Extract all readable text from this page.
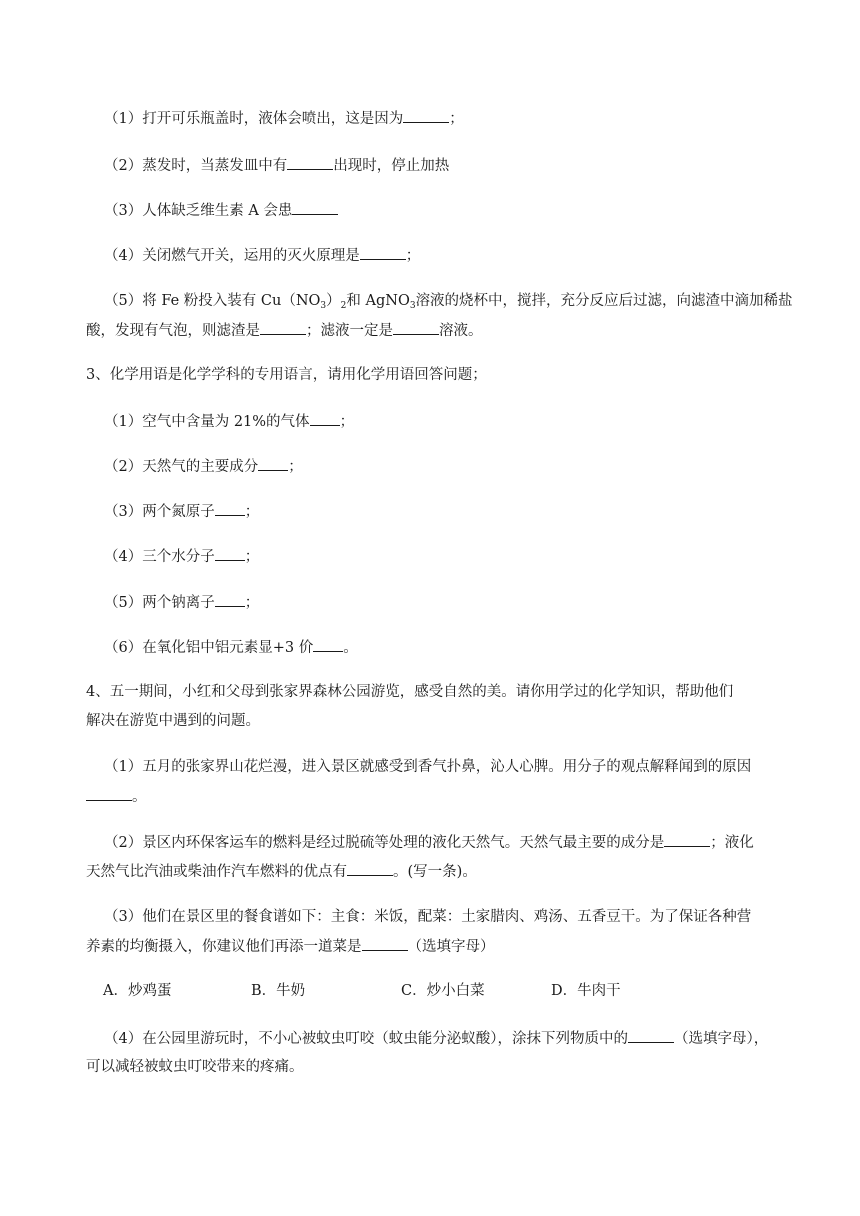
（1）打开可乐瓶盖时，液体会喷出，这是因为	；
（2）蒸发时，当蒸发皿中有	出现时，停止加热
（3）人体缺乏维生素 A 会患
（4）关闭燃气开关，运用的灭火原理是	；
（5）将 Fe 粉投入装有 $Cu(NO_3)_2$和 AgNO$_3$溶液的烧杯中，搅拌，充分反应后过滤，向滤渣中滴加稀盐
酸，发现有气泡，则滤渣是	；滤液一定是	溶液。
3、化学用语是化学学科的专用语言，请用化学用语回答问题；
（1）空气中含量为 21%的气体 ；
（2）天然气的主要成分 ；
（3）两个氮原子 ；
（4）三个水分子 ；
（5）两个钠离子 ；
（6）在氧化铝中铝元素显+3 价 。
4、五一期间，小红和父母到张家界森林公园游览，感受自然的美。请你用学过的化学知识，帮助他们
解决在游览中遇到的问题。
（1）五月的张家界山花烂漫，进入景区就感受到香气扑鼻，沁人心脾。用分子的观点解释闻到的原因
。
（2）景区内环保客运车的燃料是经过脱硫等处理的液化天然气。天然气最主要的成分是	；液化
天然气比汽油或柴油作汽车燃料的优点有	。(写一条)。
（3）他们在景区里的餐食谱如下：主食：米饭，配菜：土家腊肉、鸡汤、五香豆干。为了保证各种营
养素的均衡摄入，你建议他们再添一道菜是	（选填字母）
A．炒鸡蛋	B．牛奶	C．炒小白菜	D．牛肉干
（4）在公园里游玩时，不小心被蚊虫叮咬（蚊虫能分泌蚁酸），涂抹下列物质中的	（选填字母），
可以减轻被蚊虫叮咬带来的疼痛。
